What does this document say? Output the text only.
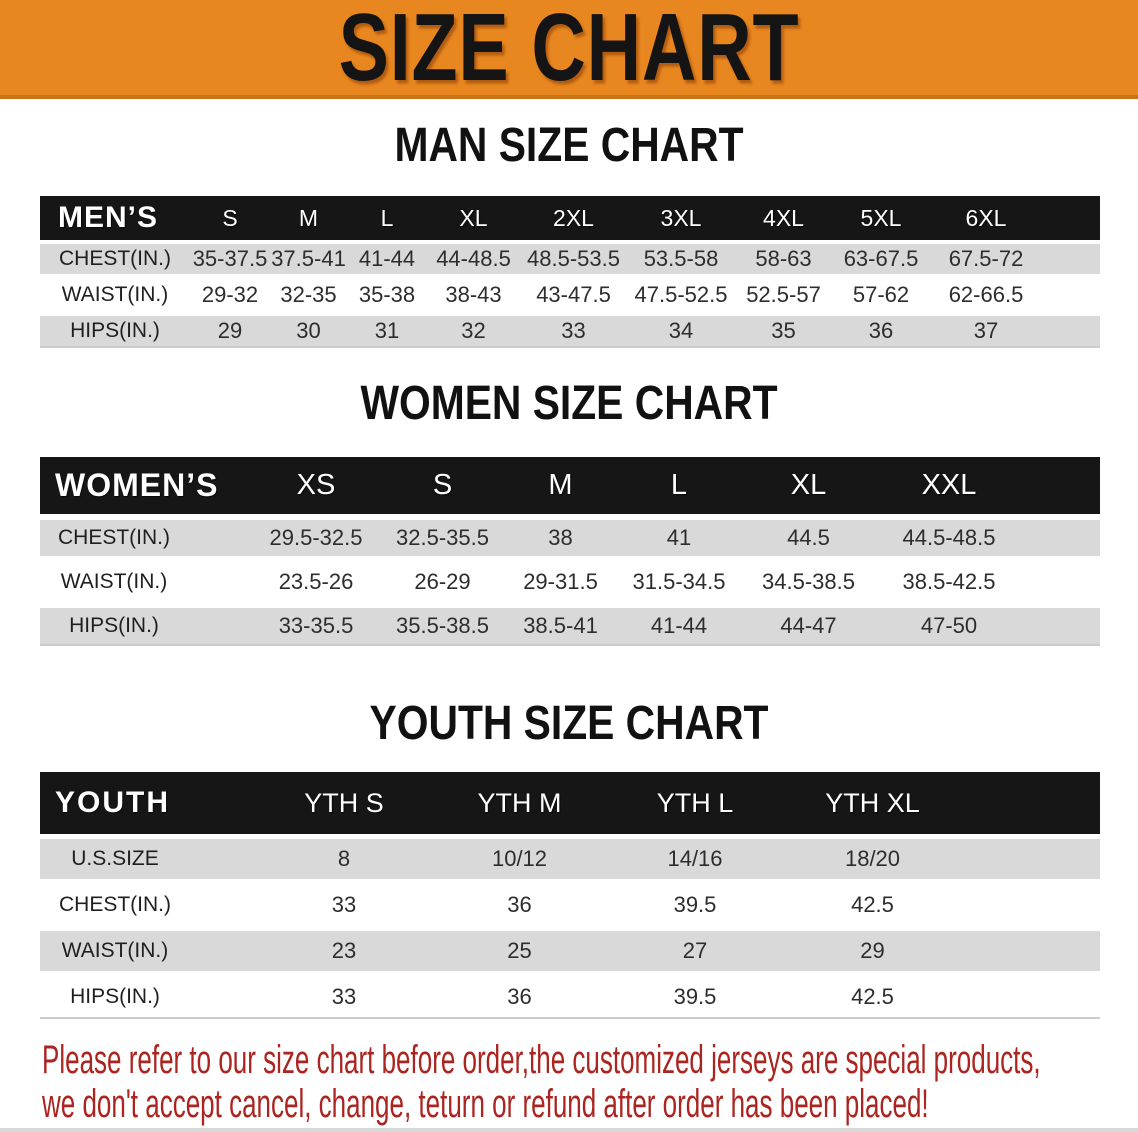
SIZE CHART
MAN SIZE CHART
MEN’S	S	M	L	XL	2XL	3XL	4XL	5XL	6XL
CHEST(IN.) 35-37.5 37.5-41 41-44 44-48.5 48.5-53.5	53.5-58	58-63	63-67.5	67.5-72
WAIST(IN.)	29-32	32-35	35-38	38-43	43-47.5	47.5-52.5 52.5-57	57-62	62-66.5
HIPS(IN.)	29	30	31	32	33	34	35	36	37
WOMEN SIZE CHART
WOMEN’S	XS	S	M	L	XL	XXL
CHEST(IN.)	29.5-32.5	32.5-35.5	38	41	44.5	44.5-48.5
WAIST(IN.)	23.5-26	26-29	29-31.5	31.5-34.5	34.5-38.5	38.5-42.5
HIPS(IN.)	33-35.5	35.5-38.5	38.5-41	41-44	44-47	47-50
YOUTH SIZE CHART
YOUTH	YTH S	YTH M	YTH L	YTH XL
U.S.SIZE	8	10/12	14/16	18/20
CHEST(IN.)	33	36	39.5	42.5
WAIST(IN.)	23	25	27	29
HIPS(IN.)	33	36	39.5	42.5
Please refer to our size chart before order,the customized jerseys are special products,
we don't accept cancel, change, teturn or refund after order has been placed!
